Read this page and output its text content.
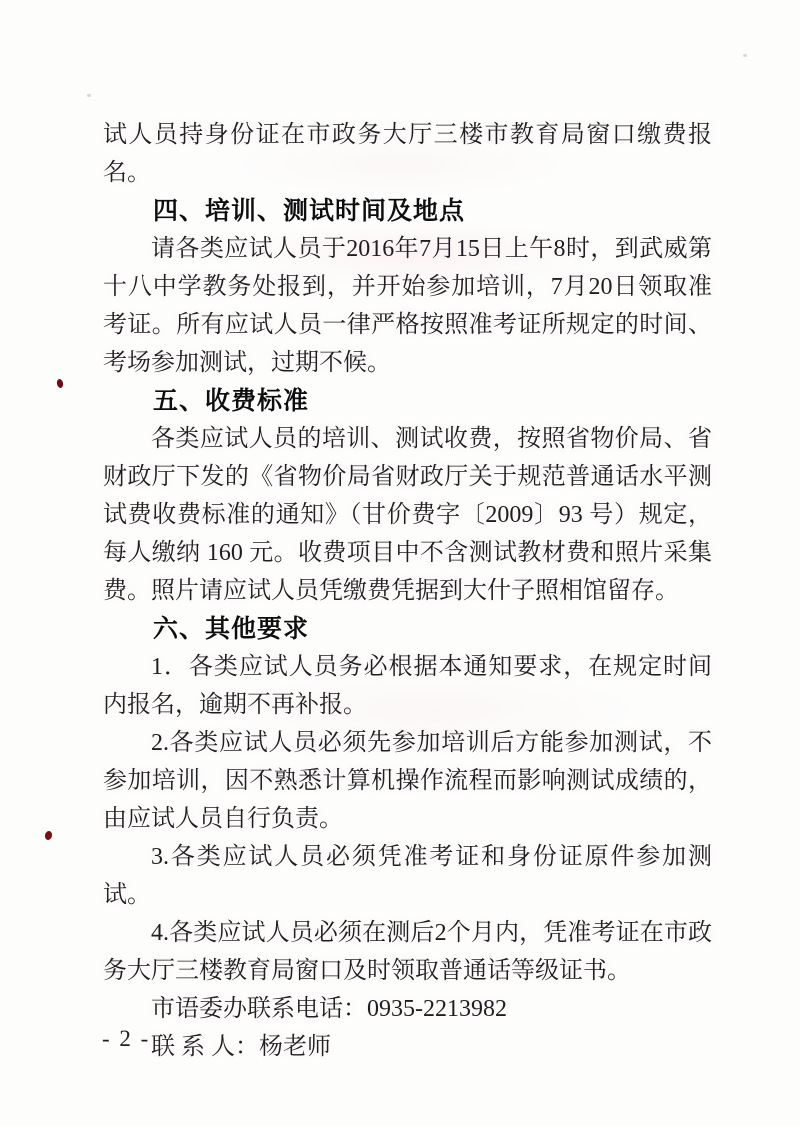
试人员持身份证在市政务大厅三楼市教育局窗口缴费报名。

四、培训、测试时间及地点

请各类应试人员于2016年7月15日上午8时，到武威第十八中学教务处报到，并开始参加培训，7月20日领取准考证。所有应试人员一律严格按照准考证所规定的时间、考场参加测试，过期不候。

五、收费标准

各类应试人员的培训、测试收费，按照省物价局、省财政厅下发的《省物价局省财政厅关于规范普通话水平测试费收费标准的通知》（甘价费字〔2009〕93 号）规定，每人缴纳 160 元。收费项目中不含测试教材费和照片采集费。照片请应试人员凭缴费凭据到大什子照相馆留存。

六、其他要求

1．各类应试人员务必根据本通知要求，在规定时间内报名，逾期不再补报。

2.各类应试人员必须先参加培训后方能参加测试，不参加培训，因不熟悉计算机操作流程而影响测试成绩的，由应试人员自行负责。

3.各类应试人员必须凭准考证和身份证原件参加测试。

4.各类应试人员必须在测后2个月内，凭准考证在市政务大厅三楼教育局窗口及时领取普通话等级证书。

市语委办联系电话：0935-2213982

联 系 人：杨老师

- 2 -
